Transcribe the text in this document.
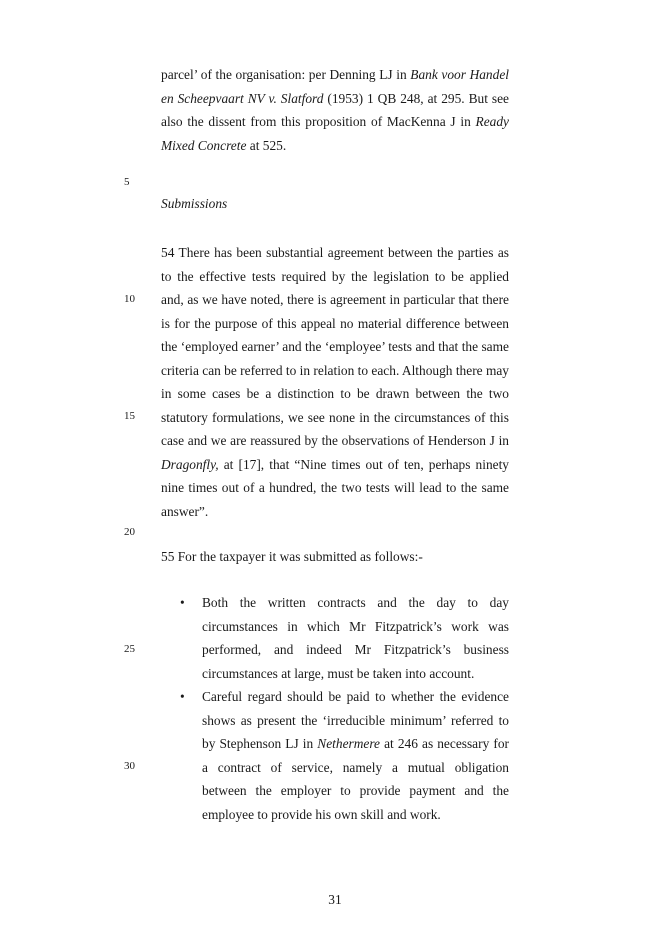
5
10
15
20
25
30
parcel’ of the organisation: per Denning LJ in Bank voor Handel en Scheepvaart NV v. Slatford (1953) 1 QB 248, at 295. But see also the dissent from this proposition of MacKenna J in Ready Mixed Concrete at 525.
Submissions
54 There has been substantial agreement between the parties as to the effective tests required by the legislation to be applied and, as we have noted, there is agreement in particular that there is for the purpose of this appeal no material difference between the ‘employed earner’ and the ‘employee’ tests and that the same criteria can be referred to in relation to each. Although there may in some cases be a distinction to be drawn between the two statutory formulations, we see none in the circumstances of this case and we are reassured by the observations of Henderson J in Dragonfly, at [17], that “Nine times out of ten, perhaps ninety nine times out of a hundred, the two tests will lead to the same answer”.
55 For the taxpayer it was submitted as follows:-
• Both the written contracts and the day to day circumstances in which Mr Fitzpatrick’s work was performed, and indeed Mr Fitzpatrick’s business circumstances at large, must be taken into account.
• Careful regard should be paid to whether the evidence shows as present the ‘irreducible minimum’ referred to by Stephenson LJ in Nethermere at 246 as necessary for a contract of service, namely a mutual obligation between the employer to provide payment and the employee to provide his own skill and work.
31
